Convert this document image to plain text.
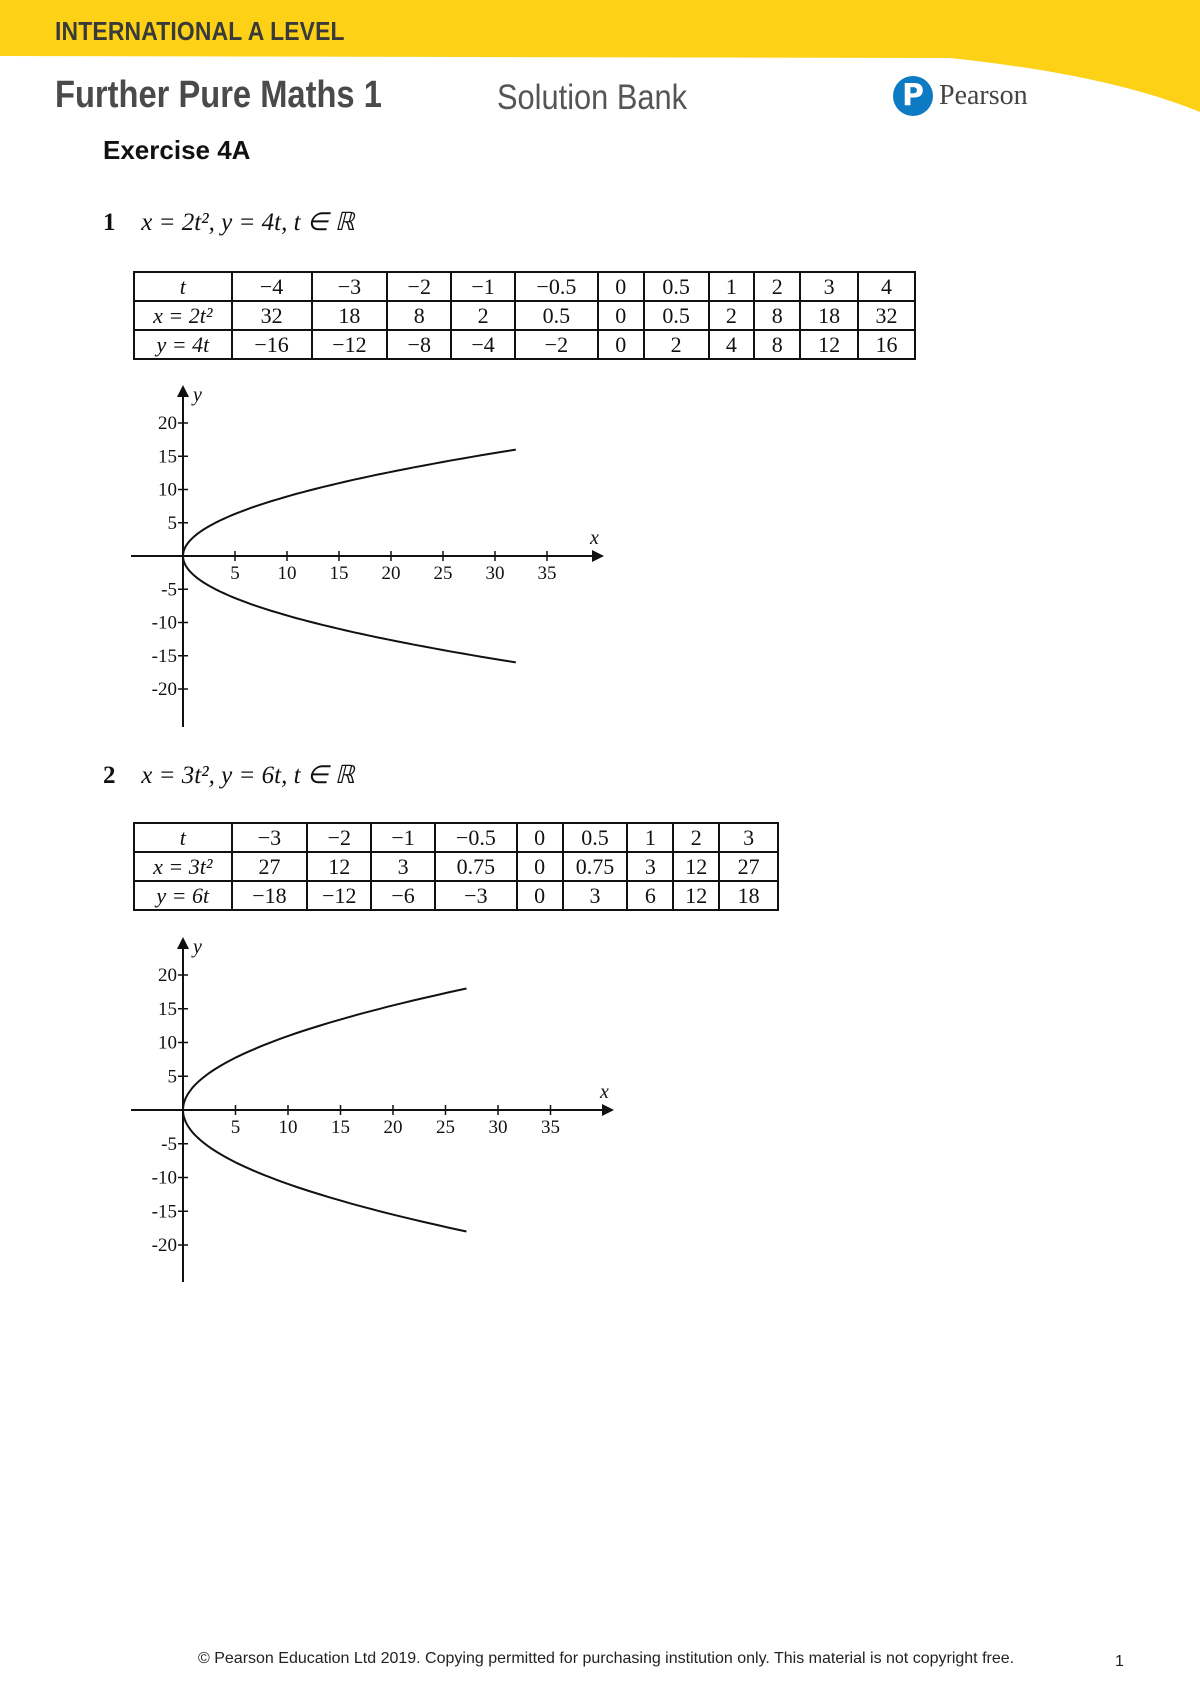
INTERNATIONAL A LEVEL
Further Pure Maths 1	Solution Bank	P Pearson
Exercise 4A
1 x = 2t², y = 4t, t ∈ ℝ
t	−4	−3	−2	−1	−0.5	0	0.5	1	2	3	4
x = 2t²	32	18	8	2	0.5	0	0.5	2	8	18	32
y = 4t	−16	−12	−8	−4	−2	0	2	4	8	12	16
x
y
5 10 15 20 25 30 35
20
15
10
5
-5
-10
-15
-20
2 x = 3t², y = 6t, t ∈ ℝ
t	−3	−2	−1	−0.5	0	0.5	1	2	3
x = 3t²	27	12	3	0.75	0	0.75	3	12	27
y = 6t	−18	−12	−6	−3	0	3	6	12	18
x
y
5 10 15 20 25 30 35
20
15
10
5
-5
-10
-15
-20
© Pearson Education Ltd 2019. Copying permitted for purchasing institution only. This material is not copyright free.	1
